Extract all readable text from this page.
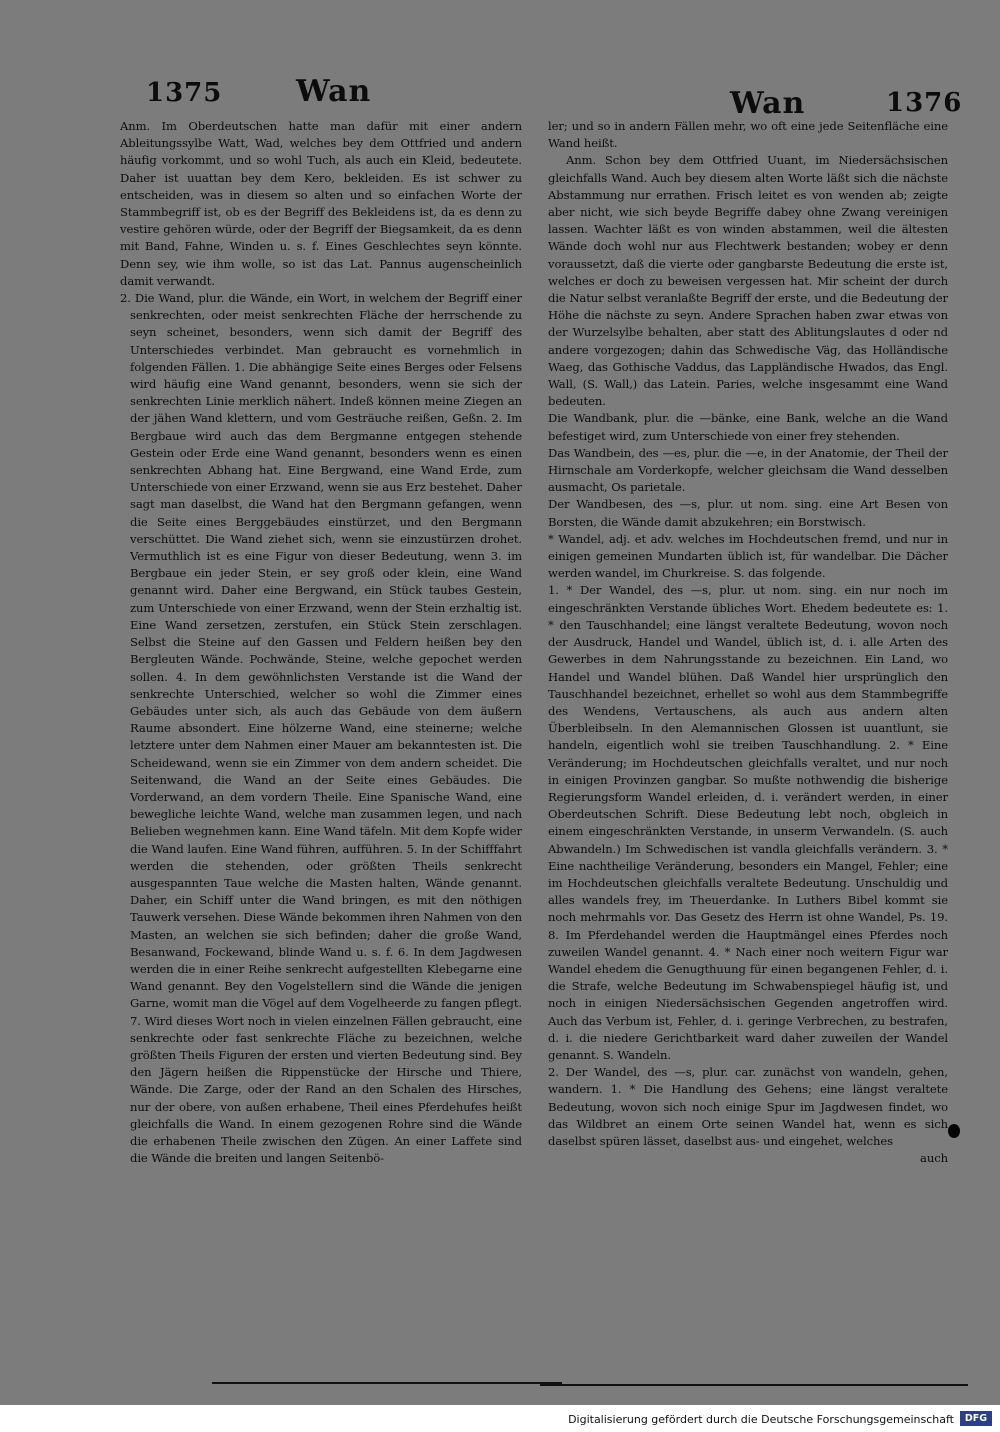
1375 Wan	Wan	1376

Anm. Im Oberdeutschen hatte man dafür mit einer andern Ableitungssylbe Watt, Wad, welches bey dem Ottfried und andern häufig vorkommt, und so wohl Tuch, als auch ein Kleid, bedeutete. Daher ist uuattan bey dem Kero, bekleiden. Es ist schwer zu entscheiden, was in diesem so alten und so einfachen Worte der Stammbegriff ist, ob es der Begriff des Bekleidens ist, da es denn zu vestire gehören würde, oder der Begriff der Biegsamkeit, da es denn mit Band, Fahne, Winden u. s. f. Eines Geschlechtes seyn könnte. Denn sey, wie ihm wolle, so ist das Lat. Pannus augenscheinlich damit verwandt.

2. Die Wand, plur. die Wände, ein Wort, in welchem der Begriff einer senkrechten, oder meist senkrechten Fläche der herrschende zu seyn scheinet, besonders, wenn sich damit der Begriff des Unterschiedes verbindet. Man gebraucht es vornehmlich in folgenden Fällen. 1. Die abhängige Seite eines Berges oder Felsens wird häufig eine Wand genannt, besonders, wenn sie sich der senkrechten Linie merklich nähert. Indeß können meine Ziegen an der jähen Wand klettern, und vom Gesträuche reißen, Geßn. 2. Im Bergbaue wird auch das dem Bergmanne entgegen stehende Gestein oder Erde eine Wand genannt, besonders wenn es einen senkrechten Abhang hat. Eine Bergwand, eine Wand Erde, zum Unterschiede von einer Erzwand, wenn sie aus Erz bestehet. Daher sagt man daselbst, die Wand hat den Bergmann gefangen, wenn die Seite eines Berggebäudes einstürzet, und den Bergmann verschüttet. Die Wand ziehet sich, wenn sie einzustürzen drohet. Vermuthlich ist es eine Figur von dieser Bedeutung, wenn 3. im Bergbaue ein jeder Stein, er sey groß oder klein, eine Wand genannt wird. Daher eine Bergwand, ein Stück taubes Gestein, zum Unterschiede von einer Erzwand, wenn der Stein erzhaltig ist. Eine Wand zersetzen, zerstufen, ein Stück Stein zerschlagen. Selbst die Steine auf den Gassen und Feldern heißen bey den Bergleuten Wände. Pochwände, Steine, welche gepochet werden sollen. 4. In dem gewöhnlichsten Verstande ist die Wand der senkrechte Unterschied, welcher so wohl die Zimmer eines Gebäudes unter sich, als auch das Gebäude von dem äußern Raume absondert. Eine hölzerne Wand, eine steinerne; welche letztere unter dem Nahmen einer Mauer am bekanntesten ist. Die Scheidewand, wenn sie ein Zimmer von dem andern scheidet. Die Seitenwand, die Wand an der Seite eines Gebäudes. Die Vorderwand, an dem vordern Theile. Eine Spanische Wand, eine bewegliche leichte Wand, welche man zusammen legen, und nach Belieben wegnehmen kann. Eine Wand täfeln. Mit dem Kopfe wider die Wand laufen. Eine Wand führen, aufführen. 5. In der Schifffahrt werden die stehenden, oder größten Theils senkrecht ausgespannten Taue welche die Masten halten, Wände genannt. Daher, ein Schiff unter die Wand bringen, es mit den nöthigen Tauwerk versehen. Diese Wände bekommen ihren Nahmen von den Masten, an welchen sie sich befinden; daher die große Wand, Besanwand, Fockewand, blinde Wand u. s. f. 6. In dem Jagdwesen werden die in einer Reihe senkrecht aufgestellten Klebegarne eine Wand genannt. Bey den Vogelstellern sind die Wände die jenigen Garne, womit man die Vögel auf dem Vogelheerde zu fangen pflegt. 7. Wird dieses Wort noch in vielen einzelnen Fällen gebraucht, eine senkrechte oder fast senkrechte Fläche zu bezeichnen, welche größten Theils Figuren der ersten und vierten Bedeutung sind. Bey den Jägern heißen die Rippenstücke der Hirsche und Thiere, Wände. Die Zarge, oder der Rand an den Schalen des Hirsches, nur der obere, von außen erhabene, Theil eines Pferdehufes heißt gleichfalls die Wand. In einem gezogenen Rohre sind die Wände die erhabenen Theile zwischen den Zügen. An einer Laffete sind die Wände die breiten und langen Seitenbö-

ler; und so in andern Fällen mehr, wo oft eine jede Seitenfläche eine Wand heißt.

Anm. Schon bey dem Ottfried Uuant, im Niedersächsischen gleichfalls Wand. Auch bey diesem alten Worte läßt sich die nächste Abstammung nur errathen. Frisch leitet es von wenden ab; zeigte aber nicht, wie sich beyde Begriffe dabey ohne Zwang vereinigen lassen. Wachter läßt es von winden abstammen, weil die ältesten Wände doch wohl nur aus Flechtwerk bestanden; wobey er denn voraussetzt, daß die vierte oder gangbarste Bedeutung die erste ist, welches er doch zu beweisen vergessen hat. Mir scheint der durch die Natur selbst veranlaßte Begriff der erste, und die Bedeutung der Höhe die nächste zu seyn. Andere Sprachen haben zwar etwas von der Wurzelsylbe behalten, aber statt des Ablitungslautes d oder nd andere vorgezogen; dahin das Schwedische Väg, das Holländische Waeg, das Gothische Vaddus, das Lappländische Hwados, das Engl. Wall, (S. Wall,) das Latein. Paries, welche insgesammt eine Wand bedeuten.

Die Wandbank, plur. die —bänke, eine Bank, welche an die Wand befestiget wird, zum Unterschiede von einer frey stehenden.

Das Wandbein, des —es, plur. die —e, in der Anatomie, der Theil der Hirnschale am Vorderkopfe, welcher gleichsam die Wand desselben ausmacht, Os parietale.

Der Wandbesen, des —s, plur. ut nom. sing. eine Art Besen von Borsten, die Wände damit abzukehren; ein Borstwisch.

* Wandel, adj. et adv. welches im Hochdeutschen fremd, und nur in einigen gemeinen Mundarten üblich ist, für wandelbar. Die Dächer werden wandel, im Churkreise. S. das folgende.

1. * Der Wandel, des —s, plur. ut nom. sing. ein nur noch im eingeschränkten Verstande übliches Wort. Ehedem bedeutete es: 1. * den Tauschhandel; eine längst veraltete Bedeutung, wovon noch der Ausdruck, Handel und Wandel, üblich ist, d. i. alle Arten des Gewerbes in dem Nahrungsstande zu bezeichnen. Ein Land, wo Handel und Wandel blühen. Daß Wandel hier ursprünglich den Tauschhandel bezeichnet, erhellet so wohl aus dem Stammbegriffe des Wendens, Vertauschens, als auch aus andern alten Überbleibseln. In den Alemannischen Glossen ist uuantlunt, sie handeln, eigentlich wohl sie treiben Tauschhandlung. 2. * Eine Veränderung; im Hochdeutschen gleichfalls veraltet, und nur noch in einigen Provinzen gangbar. So mußte nothwendig die bisherige Regierungsform Wandel erleiden, d. i. verändert werden, in einer Oberdeutschen Schrift. Diese Bedeutung lebt noch, obgleich in einem eingeschränkten Verstande, in unserm Verwandeln. (S. auch Abwandeln.) Im Schwedischen ist vandla gleichfalls verändern. 3. * Eine nachtheilige Veränderung, besonders ein Mangel, Fehler; eine im Hochdeutschen gleichfalls veraltete Bedeutung. Unschuldig und alles wandels frey, im Theuerdanke. In Luthers Bibel kommt sie noch mehrmahls vor. Das Gesetz des Herrn ist ohne Wandel, Ps. 19. 8. Im Pferdehandel werden die Hauptmängel eines Pferdes noch zuweilen Wandel genannt. 4. * Nach einer noch weitern Figur war Wandel ehedem die Genugthuung für einen begangenen Fehler, d. i. die Strafe, welche Bedeutung im Schwabenspiegel häufig ist, und noch in einigen Niedersächsischen Gegenden angetroffen wird. Auch das Verbum ist, Fehler, d. i. geringe Verbrechen, zu bestrafen, d. i. die niedere Gerichtbarkeit ward daher zuweilen der Wandel genannt. S. Wandeln.

2. Der Wandel, des —s, plur. car. zunächst von wandeln, gehen, wandern. 1. * Die Handlung des Gehens; eine längst veraltete Bedeutung, wovon sich noch einige Spur im Jagdwesen findet, wo das Wildbret an einem Orte seinen Wandel hat, wenn es sich daselbst spüren lässet, daselbst aus- und eingehet, welches

auch

Digitalisierung gefördert durch die Deutsche Forschungsgemeinschaft	DFG
